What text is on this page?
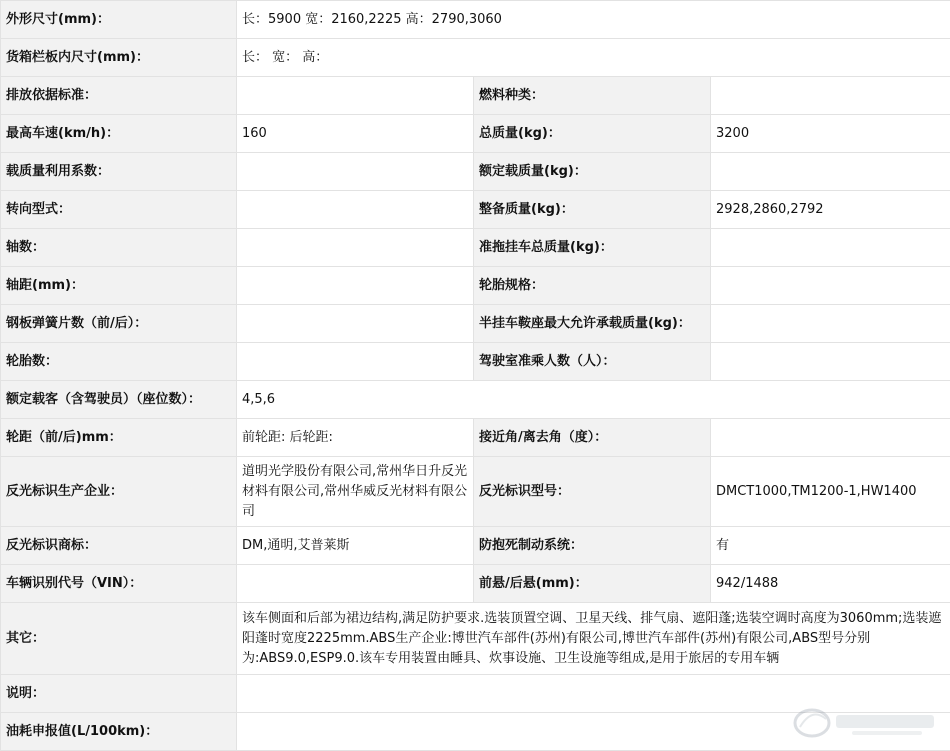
外形尺寸(mm)：	长：5900 宽：2160,2225 高：2790,3060		
货箱栏板内尺寸(mm)：	长： 宽： 高：		
排放依据标准：		燃料种类：	
最高车速(km/h)：	160	总质量(kg)：	3200
载质量利用系数：		额定载质量(kg)：	
转向型式：		整备质量(kg)：	2928,2860,2792
轴数：		准拖挂车总质量(kg)：	
轴距(mm)：		轮胎规格：	
钢板弹簧片数（前/后）：		半挂车鞍座最大允许承载质量(kg)：	
轮胎数：		驾驶室准乘人数（人）：	
额定载客（含驾驶员）（座位数）：	4,5,6		
轮距（前/后)mm：	前轮距: 后轮距:	接近角/离去角（度）：	
反光标识生产企业：	道明光学股份有限公司,常州华日升反光材料有限公司,常州华威反光材料有限公司	反光标识型号：	DMCT1000,TM1200-1,HW1400
反光标识商标：	DM,通明,艾普莱斯	防抱死制动系统：	有
车辆识别代号（VIN）：		前悬/后悬(mm)：	942/1488
其它：	该车侧面和后部为裙边结构,满足防护要求.选装顶置空调、卫星天线、排气扇、遮阳蓬;选装空调时高度为3060mm;选装遮阳蓬时宽度2225mm.ABS生产企业:博世汽车部件(苏州)有限公司,博世汽车部件(苏州)有限公司,ABS型号分别为:ABS9.0,ESP9.0.该车专用装置由睡具、炊事设施、卫生设施等组成,是用于旅居的专用车辆		
说明：			
油耗申报值(L/100km)：			
